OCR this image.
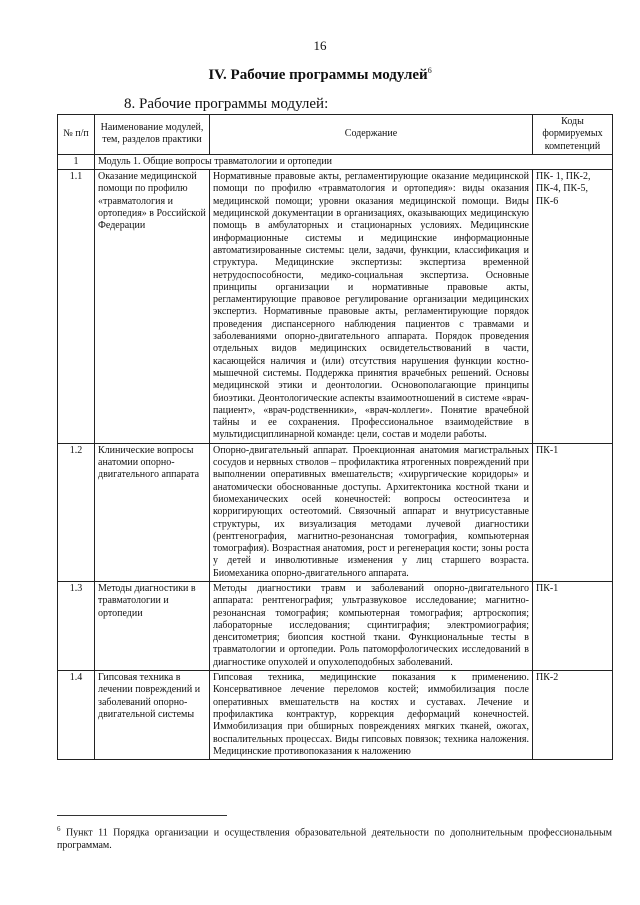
16
IV. Рабочие программы модулей$^6$
8. Рабочие программы модулей:
№ п/п	Наименование модулей, тем, разделов практики	Содержание	Коды формируемых компетенций
1	Модуль 1. Общие вопросы травматологии и ортопедии		
1.1	Оказание медицинской помощи по профилю «травматология и ортопедия» в Российской Федерации	Нормативные правовые акты, регламентирующие оказание медицинской помощи по профилю «травматология и ортопедия»: виды оказания медицинской помощи; уровни оказания медицинской помощи. Виды медицинской документации в организациях, оказывающих медицинскую помощь в амбулаторных и стационарных условиях. Медицинские информационные системы и медицинские информационные автоматизированные системы: цели, задачи, функции, классификация и структура. Медицинские экспертизы: экспертиза временной нетрудоспособности, медико-социальная экспертиза. Основные принципы организации и нормативные правовые акты, регламентирующие правовое регулирование организации медицинских экспертиз. Нормативные правовые акты, регламентирующие порядок проведения диспансерного наблюдения пациентов с травмами и заболеваниями опорно-двигательного аппарата. Порядок проведения отдельных видов медицинских освидетельствований в части, касающейся наличия и (или) отсутствия нарушения функции костно-мышечной системы. Поддержка принятия врачебных решений. Основы медицинской этики и деонтологии. Основополагающие принципы биоэтики. Деонтологические аспекты взаимоотношений в системе «врач-пациент», «врач-родственники», «врач-коллеги». Понятие врачебной тайны и ее сохранения. Профессиональное взаимодействие в мультидисциплинарной команде: цели, состав и модели работы.	ПК- 1, ПК-2, ПК-4, ПК-5, ПК-6
1.2	Клинические вопросы анатомии опорно-двигательного аппарата	Опорно-двигательный аппарат. Проекционная анатомия магистральных сосудов и нервных стволов – профилактика ятрогенных повреждений при выполнении оперативных вмешательств; «хирургические коридоры» и анатомически обоснованные доступы. Архитектоника костной ткани и биомеханических осей конечностей: вопросы остеосинтеза и корригирующих остеотомий. Связочный аппарат и внутрисуставные структуры, их визуализация методами лучевой диагностики (рентгенография, магнитно-резонансная томография, компьютерная томография). Возрастная анатомия, рост и регенерация кости; зоны роста у детей и инволютивные изменения у лиц старшего возраста. Биомеханика опорно-двигательного аппарата.	ПК-1
1.3	Методы диагностики в травматологии и ортопедии	Методы диагностики травм и заболеваний опорно-двигательного аппарата: рентгенография; ультразвуковое исследование; магнитно-резонансная томография; компьютерная томография; артроскопия; лабораторные исследования; сцинтиграфия; электромиография; денситометрия; биопсия костной ткани. Функциональные тесты в травматологии и ортопедии. Роль патоморфологических исследований в диагностике опухолей и опухолеподобных заболеваний.	ПК-1
1.4	Гипсовая техника в лечении повреждений и заболеваний опорно-двигательной системы	Гипсовая техника, медицинские показания к применению. Консервативное лечение переломов костей; иммобилизация после оперативных вмешательств на костях и суставах. Лечение и профилактика контрактур, коррекция деформаций конечностей. Иммобилизация при обширных повреждениях мягких тканей, ожогах, воспалительных процессах. Виды гипсовых повязок; техника наложения. Медицинские противопоказания к наложению	ПК-2
$^6$ Пункт 11 Порядка организации и осуществления образовательной деятельности по дополнительным профессиональным программам.
